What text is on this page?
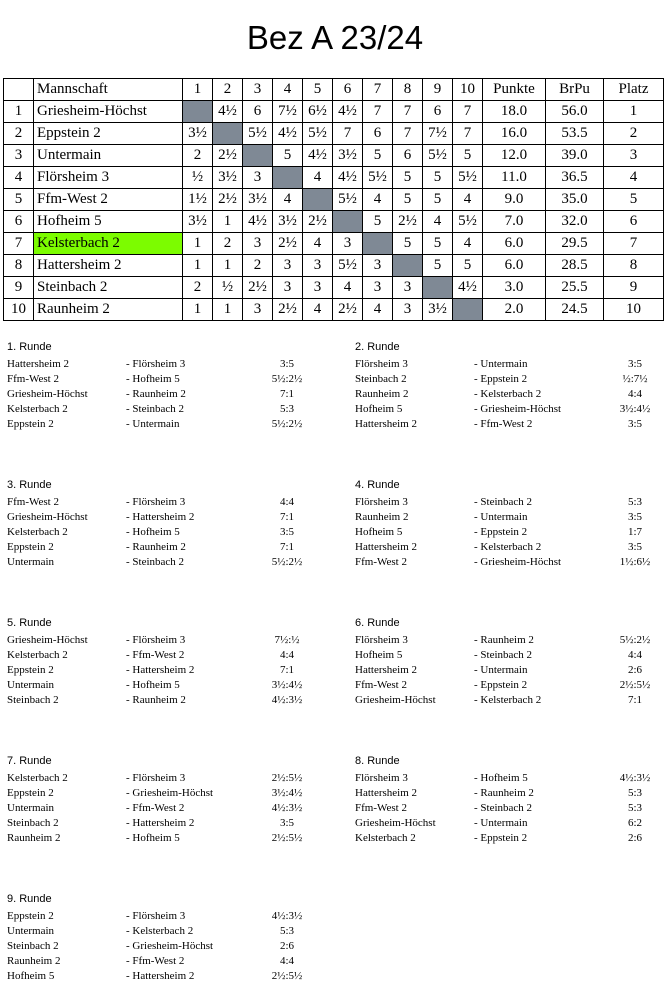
Bez A 23/24
	Mannschaft	1	2	3	4	5	6	7	8	9	10	Punkte	BrPu	Platz
1	Griesheim-Höchst		4½	6	7½	6½	4½	7	7	6	7	18.0	56.0	1
2	Eppstein 2	3½		5½	4½	5½	7	6	7	7½	7	16.0	53.5	2
3	Untermain	2	2½		5	4½	3½	5	6	5½	5	12.0	39.0	3
4	Flörsheim 3	½	3½	3		4	4½	5½	5	5	5½	11.0	36.5	4
5	Ffm-West 2	1½	2½	3½	4		5½	4	5	5	4	9.0	35.0	5
6	Hofheim 5	3½	1	4½	3½	2½		5	2½	4	5½	7.0	32.0	6
7	Kelsterbach 2	1	2	3	2½	4	3		5	5	4	6.0	29.5	7
8	Hattersheim 2	1	1	2	3	3	5½	3		5	5	6.0	28.5	8
9	Steinbach 2	2	½	2½	3	3	4	3	3		4½	3.0	25.5	9
10	Raunheim 2	1	1	3	2½	4	2½	4	3	3½		2.0	24.5	10
1. Runde
Hattersheim 2	- Flörsheim 3	3:5
Ffm-West 2	- Hofheim 5	5½:2½
Griesheim-Höchst	- Raunheim 2	7:1
Kelsterbach 2	- Steinbach 2	5:3
Eppstein 2	- Untermain	5½:2½
2. Runde
Flörsheim 3	- Untermain	3:5
Steinbach 2	- Eppstein 2	½:7½
Raunheim 2	- Kelsterbach 2	4:4
Hofheim 5	- Griesheim-Höchst	3½:4½
Hattersheim 2	- Ffm-West 2	3:5
3. Runde
Ffm-West 2	- Flörsheim 3	4:4
Griesheim-Höchst	- Hattersheim 2	7:1
Kelsterbach 2	- Hofheim 5	3:5
Eppstein 2	- Raunheim 2	7:1
Untermain	- Steinbach 2	5½:2½
4. Runde
Flörsheim 3	- Steinbach 2	5:3
Raunheim 2	- Untermain	3:5
Hofheim 5	- Eppstein 2	1:7
Hattersheim 2	- Kelsterbach 2	3:5
Ffm-West 2	- Griesheim-Höchst	1½:6½
5. Runde
Griesheim-Höchst	- Flörsheim 3	7½:½
Kelsterbach 2	- Ffm-West 2	4:4
Eppstein 2	- Hattersheim 2	7:1
Untermain	- Hofheim 5	3½:4½
Steinbach 2	- Raunheim 2	4½:3½
6. Runde
Flörsheim 3	- Raunheim 2	5½:2½
Hofheim 5	- Steinbach 2	4:4
Hattersheim 2	- Untermain	2:6
Ffm-West 2	- Eppstein 2	2½:5½
Griesheim-Höchst	- Kelsterbach 2	7:1
7. Runde
Kelsterbach 2	- Flörsheim 3	2½:5½
Eppstein 2	- Griesheim-Höchst	3½:4½
Untermain	- Ffm-West 2	4½:3½
Steinbach 2	- Hattersheim 2	3:5
Raunheim 2	- Hofheim 5	2½:5½
8. Runde
Flörsheim 3	- Hofheim 5	4½:3½
Hattersheim 2	- Raunheim 2	5:3
Ffm-West 2	- Steinbach 2	5:3
Griesheim-Höchst	- Untermain	6:2
Kelsterbach 2	- Eppstein 2	2:6
9. Runde
Eppstein 2	- Flörsheim 3	4½:3½
Untermain	- Kelsterbach 2	5:3
Steinbach 2	- Griesheim-Höchst	2:6
Raunheim 2	- Ffm-West 2	4:4
Hofheim 5	- Hattersheim 2	2½:5½
